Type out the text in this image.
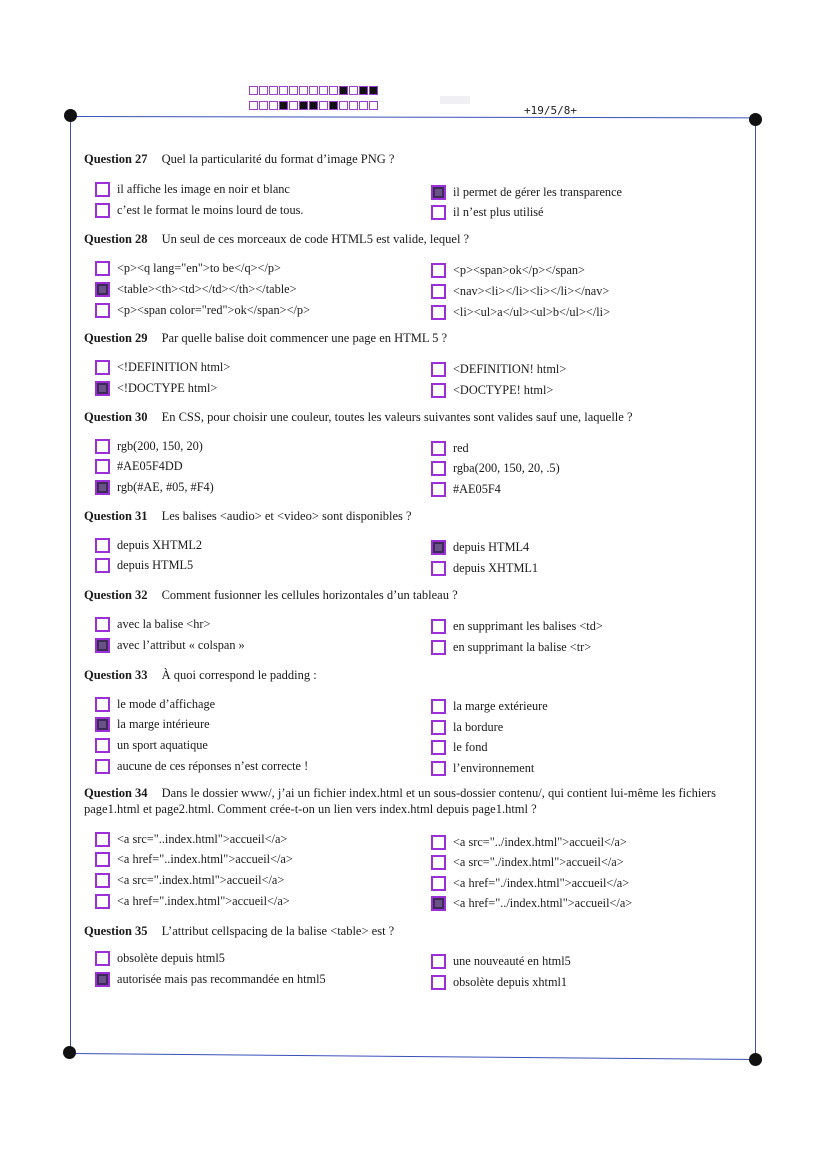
+19/5/8+
Question 27 Quel la particularité du format d’image PNG ?
il affiche les image en noir et blanc
c’est le format le moins lourd de tous.
il permet de gérer les transparence
il n’est plus utilisé
Question 28 Un seul de ces morceaux de code HTML5 est valide, lequel ?
<p><q lang="en">to be</q></p>
<table><th><td></td></th></table>
<p><span color="red">ok</span></p>
<p><span>ok</p></span>
<nav><li></li><li></li></nav>
<li><ul>a</ul><ul>b</ul></li>
Question 29 Par quelle balise doit commencer une page en HTML 5 ?
<!DEFINITION html>
<!DOCTYPE html>
<DEFINITION! html>
<DOCTYPE! html>
Question 30 En CSS, pour choisir une couleur, toutes les valeurs suivantes sont valides sauf une, laquelle ?
rgb(200, 150, 20)
#AE05F4DD
rgb(#AE, #05, #F4)
red
rgba(200, 150, 20, .5)
#AE05F4
Question 31 Les balises <audio> et <video> sont disponibles ?
depuis XHTML2
depuis HTML5
depuis HTML4
depuis XHTML1
Question 32 Comment fusionner les cellules horizontales d’un tableau ?
avec la balise <hr>
avec l’attribut « colspan »
en supprimant les balises <td>
en supprimant la balise <tr>
Question 33 À quoi correspond le padding :
le mode d’affichage
la marge intérieure
un sport aquatique
aucune de ces réponses n’est correcte !
la marge extérieure
la bordure
le fond
l’environnement
Question 34 Dans le dossier www/, j’ai un fichier index.html et un sous-dossier contenu/, qui contient lui-même les fichiers page1.html et page2.html. Comment crée-t-on un lien vers index.html depuis page1.html ?
<a src="..index.html">accueil</a>
<a href="..index.html">accueil</a>
<a src=".index.html">accueil</a>
<a href=".index.html">accueil</a>
<a src="../index.html">accueil</a>
<a src="./index.html">accueil</a>
<a href="./index.html">accueil</a>
<a href="../index.html">accueil</a>
Question 35 L’attribut cellspacing de la balise <table> est ?
obsolète depuis html5
autorisée mais pas recommandée en html5
une nouveauté en html5
obsolète depuis xhtml1
